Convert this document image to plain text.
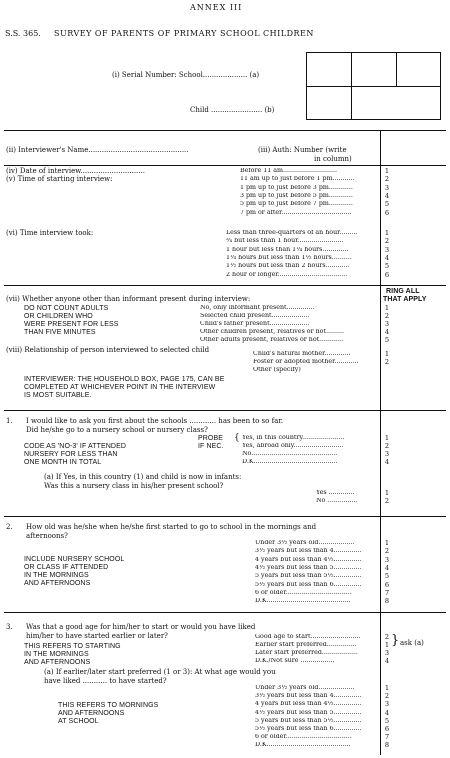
ANNEX III
S.S. 365. SURVEY OF PARENTS OF PRIMARY SCHOOL CHILDREN
(i) Serial Number: School.................... (a)
Child ....................... (b)
(ii) Interviewer's Name.............................................	(iii) Auth: Number (write
in column)
(iv) Date of interview.............................
(v) Time of starting interview:
Before 11 am...........................	1
11 am up to just before 1 pm...........	2
1 pm up to just before 3 pm............	3
3 pm up to just before 5 pm............	4
5 pm up to just before 7 pm............	5
7 pm or after...................................	6
(vi) Time interview took:	Less than three-quarters of an hour.........	1
¾ but less than 1 hour.......................	2
1 hour but less than 1¼ hours.............	3
1¼ hours but less than 1½ hours..........	4
1½ hours but less than 2 hours............	5
2 hour or longer...................................	6
(vii) Whether anyone other than informant present during interview:
RING ALL
THAT APPLY
DO NOT COUNT ADULTS
OR CHILDREN WHO
WERE PRESENT FOR LESS
THAN FIVE MINUTES
No, only informant present..............	1
Selected child present...................	2
Child's father present....................	3
Other children present, relatives or not.........	4
Other adults present, relatives or not............	5
(viii) Relationship of person interviewed to selected child	Child's natural mother.............	1
Foster or adopted mother............	2
Other (specify)
INTERVIEWER: THE HOUSEHOLD BOX, PAGE 175, CAN BE
COMPLETED AT WHICHEVER POINT IN THE INTERVIEW
IS MOST SUITABLE.
1. I would like to ask you first about the schools ............ has been to so far.
Did he/she go to a nursery school or nursery class?
PROBE
IF NEC.
{
CODE AS 'NO-3' IF ATTENDED
NURSERY FOR LESS THAN
ONE MONTH IN TOTAL
Yes, in this country.....................	1
Yes, abroad only.........................	2
No...........................................	3
D.K..........................................	4
(a) If Yes, in this country (1) and child is now in infants:
Was this a nursery class in his/her present school?
Yes .............	1
No ...............	2
2. How old was he/she when he/she first started to go to school in the mornings and
afternoons?
INCLUDE NURSERY SCHOOL
OR CLASS IF ATTENDED
IN THE MORNINGS
AND AFTERNOONS
Under 3½ years old..................	1
3½ years but less than 4..............	2
4 years but less than 4½..............	3
4½ years but less than 5..............	4
5 years but less than 5½..............	5
5½ years but less than 6..............	6
6 or older.................................	7
D.K..........................................	8
3. Was that a good age for him/her to start or would you have liked
him/her to have started earlier or later?
THIS REFERS TO STARTING
IN THE MORNINGS
AND AFTERNOONS
Good age to start.........................	2
Earlier start preferred...............	1
Later start preferred..................	3
D.K./Not sure .................	4
} ask (a)
(a) If earlier/later start preferred (1 or 3): At what age would you
have liked ........... to have started?
THIS REFERS TO MORNINGS
AND AFTERNOONS
AT SCHOOL
Under 3½ years old..................	1
3½ years but less than 4..............	2
4 years but less than 4½..............	3
4½ years but less than 5..............	4
5 years but less than 5½..............	5
5½ years but less than 6..............	6
6 or older.................................	7
D.K..........................................	8
